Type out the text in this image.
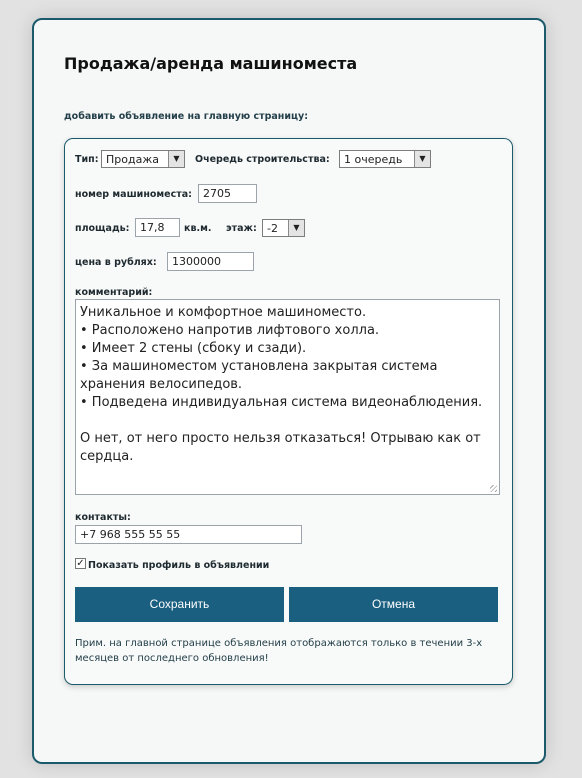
Продажа/аренда машиноместа
добавить объявление на главную страницу:
Тип: Продажа	▼	Очередь строительства: 1 очередь	▼
номер машиноместа:	2705
площадь: 17,8	кв.м. этаж: -2	▼
цена в рублях:	1300000
комментарий:

Уникальное и комфортное машиноместо.

• Расположено напротив лифтового холла.

• Имеет 2 стены (сбоку и сзади).

• За машиноместом установлена закрытая система хранения велосипедов.

• Подведена индивидуальная система видеонаблюдения.

О нет, от него просто нельзя отказаться! Отрываю как от сердца.

контакты:
+7 968 555 55 55
✓ Показать профиль в объявлении
Сохранить	Отмена
Прим. на главной странице объявления отображаются только в течении 3-х месяцев от последнего обновления!
